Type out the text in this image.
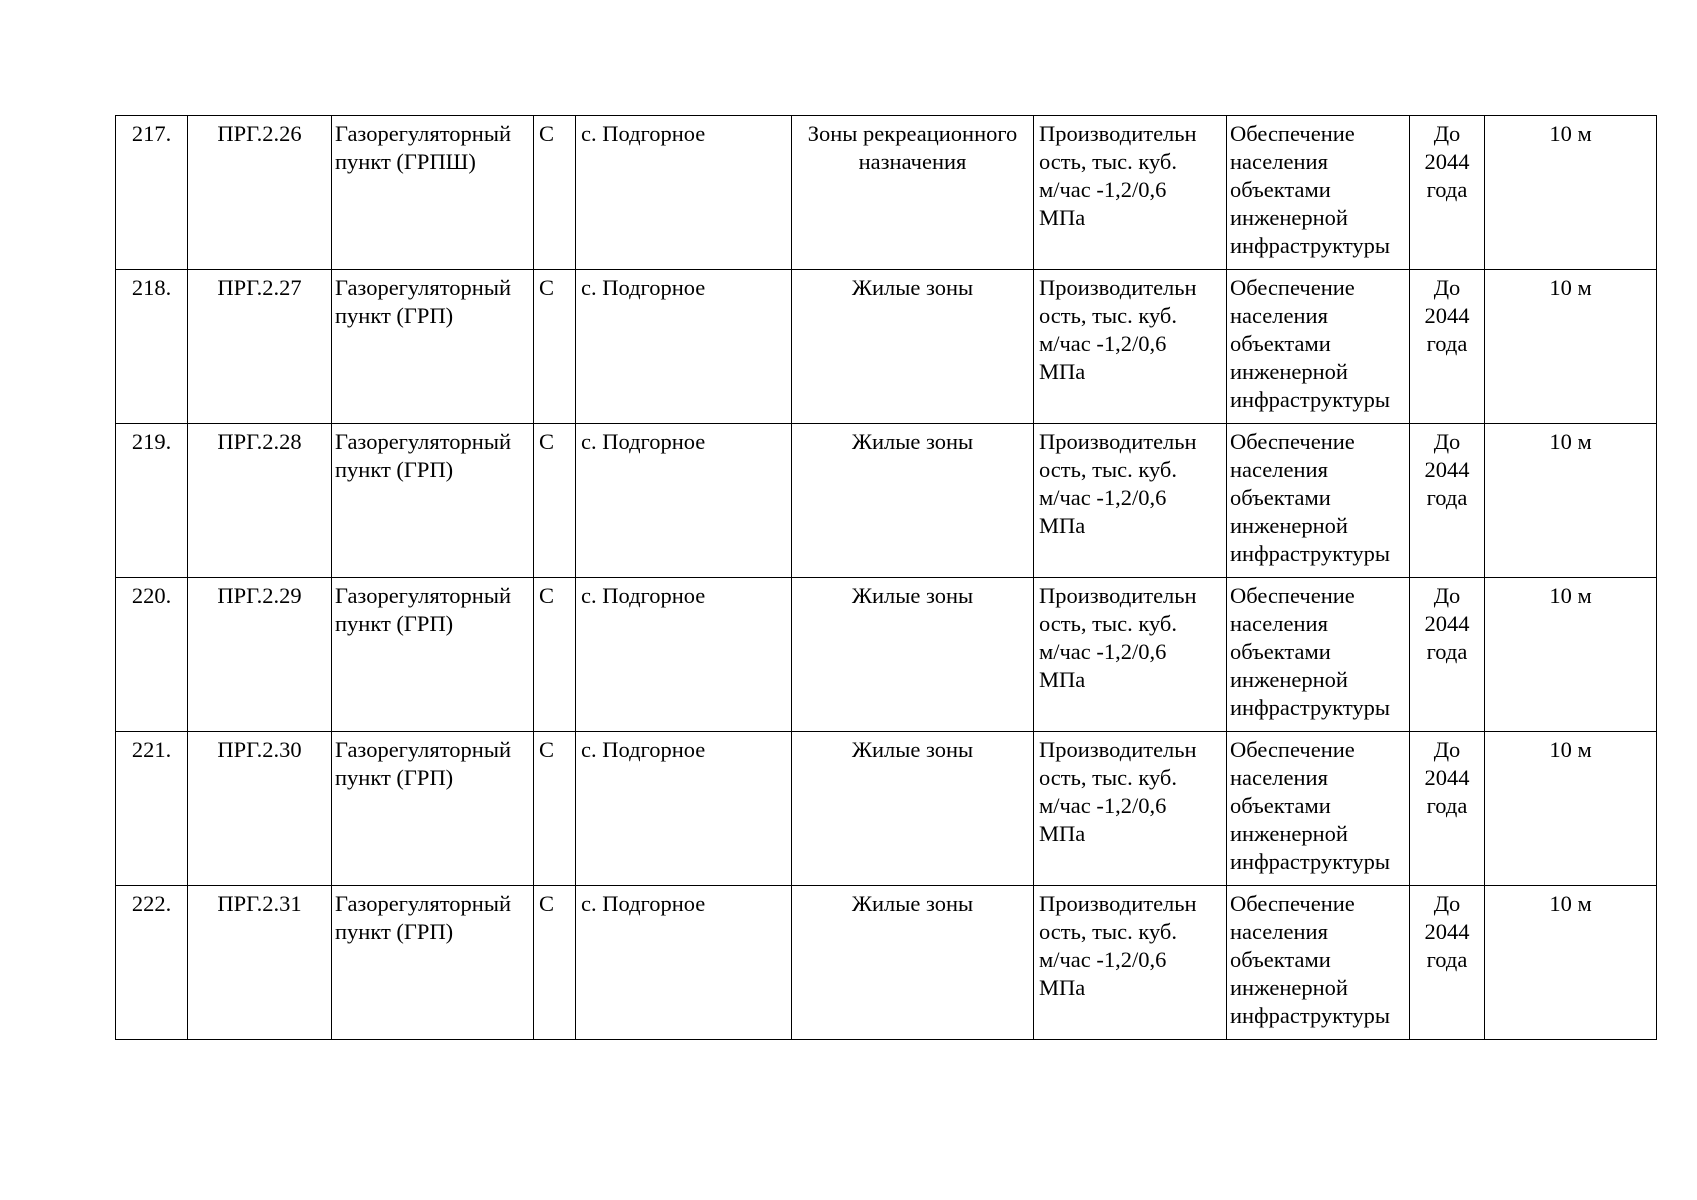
217.	ПРГ.2.26	Газорегуляторный
пункт (ГРПШ)	С	с. Подгорное	Зоны рекреационного
назначения	Производительн
ость, тыс. куб.
м/час -1,2/0,6
МПа	Обеспечение
населения
объектами
инженерной
инфраструктуры	До
2044
года	10 м
218.	ПРГ.2.27	Газорегуляторный
пункт (ГРП)	С	с. Подгорное	Жилые зоны	Производительн
ость, тыс. куб.
м/час -1,2/0,6
МПа	Обеспечение
населения
объектами
инженерной
инфраструктуры	До
2044
года	10 м
219.	ПРГ.2.28	Газорегуляторный
пункт (ГРП)	С	с. Подгорное	Жилые зоны	Производительн
ость, тыс. куб.
м/час -1,2/0,6
МПа	Обеспечение
населения
объектами
инженерной
инфраструктуры	До
2044
года	10 м
220.	ПРГ.2.29	Газорегуляторный
пункт (ГРП)	С	с. Подгорное	Жилые зоны	Производительн
ость, тыс. куб.
м/час -1,2/0,6
МПа	Обеспечение
населения
объектами
инженерной
инфраструктуры	До
2044
года	10 м
221.	ПРГ.2.30	Газорегуляторный
пункт (ГРП)	С	с. Подгорное	Жилые зоны	Производительн
ость, тыс. куб.
м/час -1,2/0,6
МПа	Обеспечение
населения
объектами
инженерной
инфраструктуры	До
2044
года	10 м
222.	ПРГ.2.31	Газорегуляторный
пункт (ГРП)	С	с. Подгорное	Жилые зоны	Производительн
ость, тыс. куб.
м/час -1,2/0,6
МПа	Обеспечение
населения
объектами
инженерной
инфраструктуры	До
2044
года	10 м
